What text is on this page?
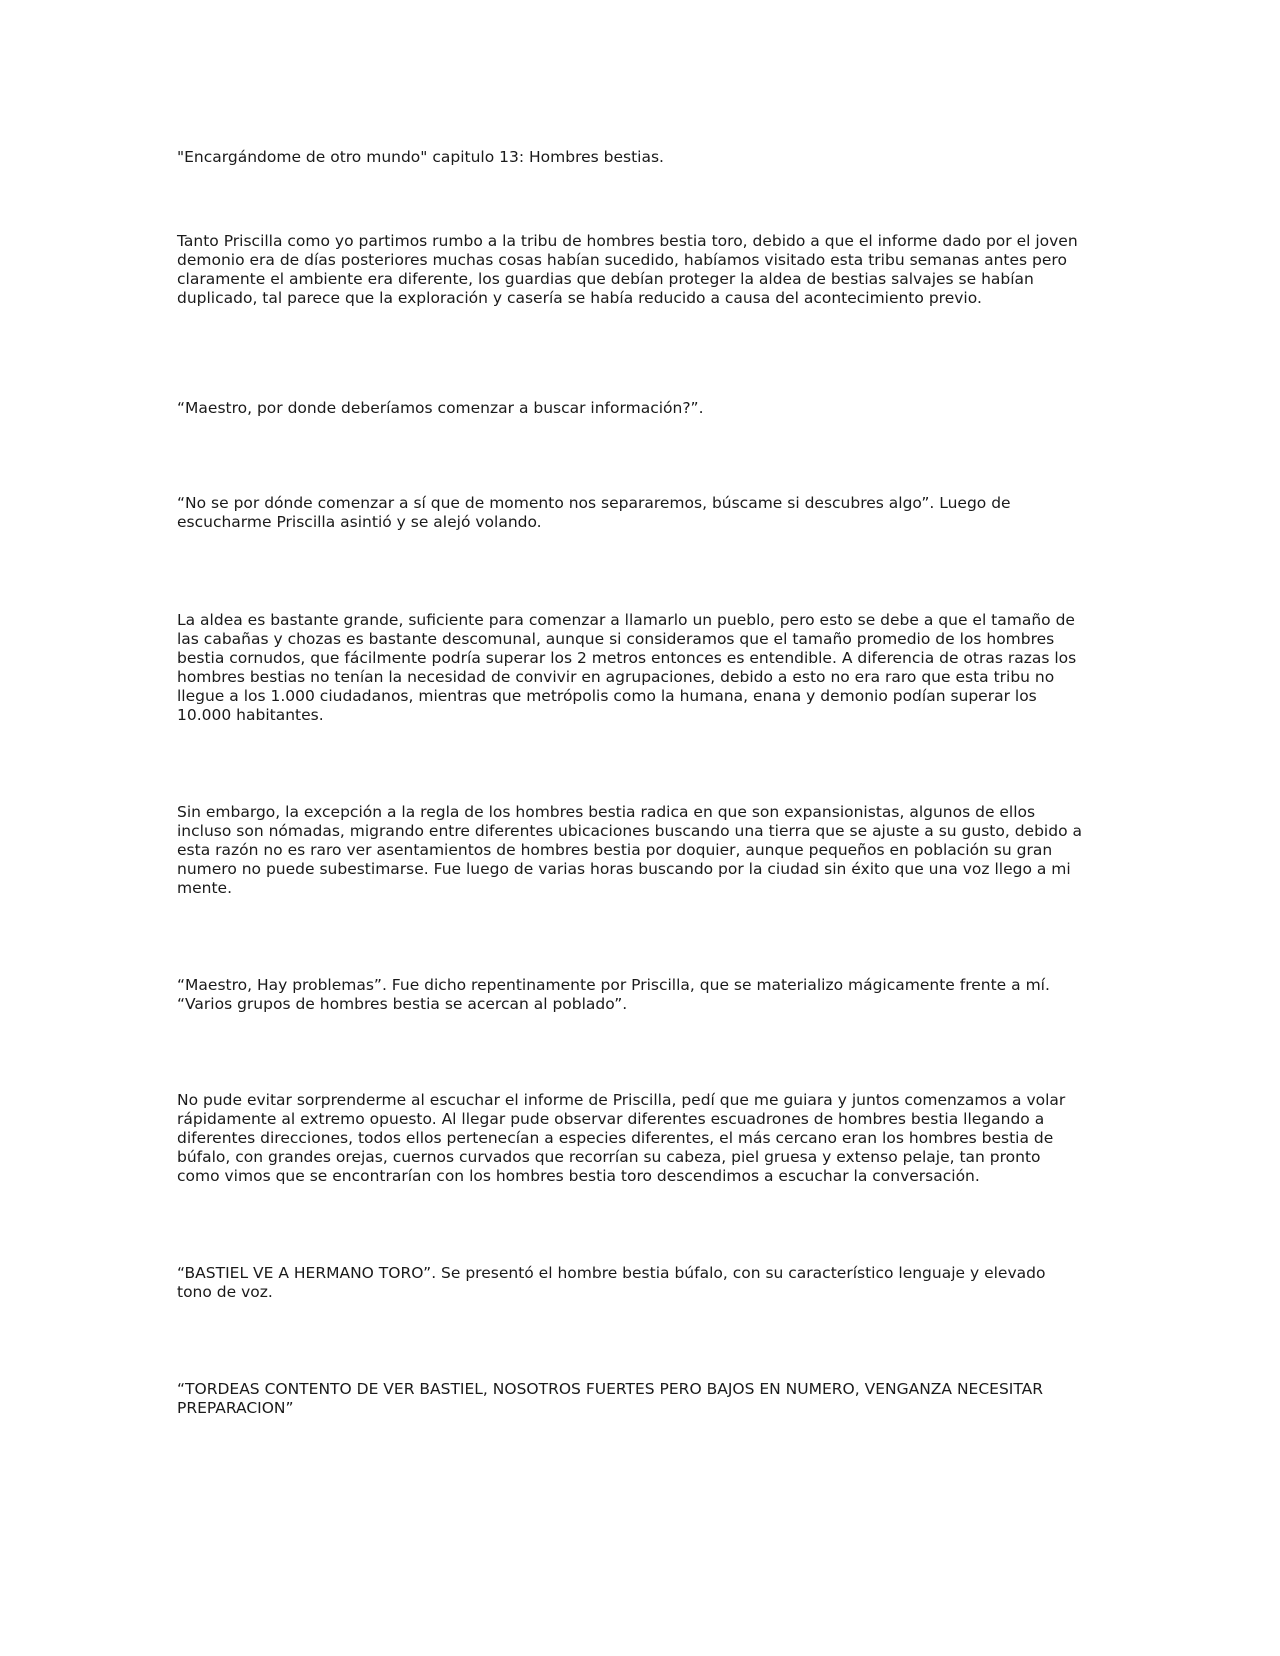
"Encargándome de otro mundo" capitulo 13: Hombres bestias.

Tanto Priscilla como yo partimos rumbo a la tribu de hombres bestia toro, debido a que el informe dado por el joven
demonio era de días posteriores muchas cosas habían sucedido, habíamos visitado esta tribu semanas antes pero
claramente el ambiente era diferente, los guardias que debían proteger la aldea de bestias salvajes se habían
duplicado, tal parece que la exploración y casería se había reducido a causa del acontecimiento previo.

“Maestro, por donde deberíamos comenzar a buscar información?”.

“No se por dónde comenzar a sí que de momento nos separaremos, búscame si descubres algo”. Luego de
escucharme Priscilla asintió y se alejó volando.

La aldea es bastante grande, suficiente para comenzar a llamarlo un pueblo, pero esto se debe a que el tamaño de
las cabañas y chozas es bastante descomunal, aunque si consideramos que el tamaño promedio de los hombres
bestia cornudos, que fácilmente podría superar los 2 metros entonces es entendible. A diferencia de otras razas los
hombres bestias no tenían la necesidad de convivir en agrupaciones, debido a esto no era raro que esta tribu no
llegue a los 1.000 ciudadanos, mientras que metrópolis como la humana, enana y demonio podían superar los
10.000 habitantes.

Sin embargo, la excepción a la regla de los hombres bestia radica en que son expansionistas, algunos de ellos
incluso son nómadas, migrando entre diferentes ubicaciones buscando una tierra que se ajuste a su gusto, debido a
esta razón no es raro ver asentamientos de hombres bestia por doquier, aunque pequeños en población su gran
numero no puede subestimarse. Fue luego de varias horas buscando por la ciudad sin éxito que una voz llego a mi
mente.

“Maestro, Hay problemas”. Fue dicho repentinamente por Priscilla, que se materializo mágicamente frente a mí.
“Varios grupos de hombres bestia se acercan al poblado”.

No pude evitar sorprenderme al escuchar el informe de Priscilla, pedí que me guiara y juntos comenzamos a volar
rápidamente al extremo opuesto. Al llegar pude observar diferentes escuadrones de hombres bestia llegando a
diferentes direcciones, todos ellos pertenecían a especies diferentes, el más cercano eran los hombres bestia de
búfalo, con grandes orejas, cuernos curvados que recorrían su cabeza, piel gruesa y extenso pelaje, tan pronto
como vimos que se encontrarían con los hombres bestia toro descendimos a escuchar la conversación.

“BASTIEL VE A HERMANO TORO”. Se presentó el hombre bestia búfalo, con su característico lenguaje y elevado
tono de voz.

“TORDEAS CONTENTO DE VER BASTIEL, NOSOTROS FUERTES PERO BAJOS EN NUMERO, VENGANZA NECESITAR
PREPARACION”
